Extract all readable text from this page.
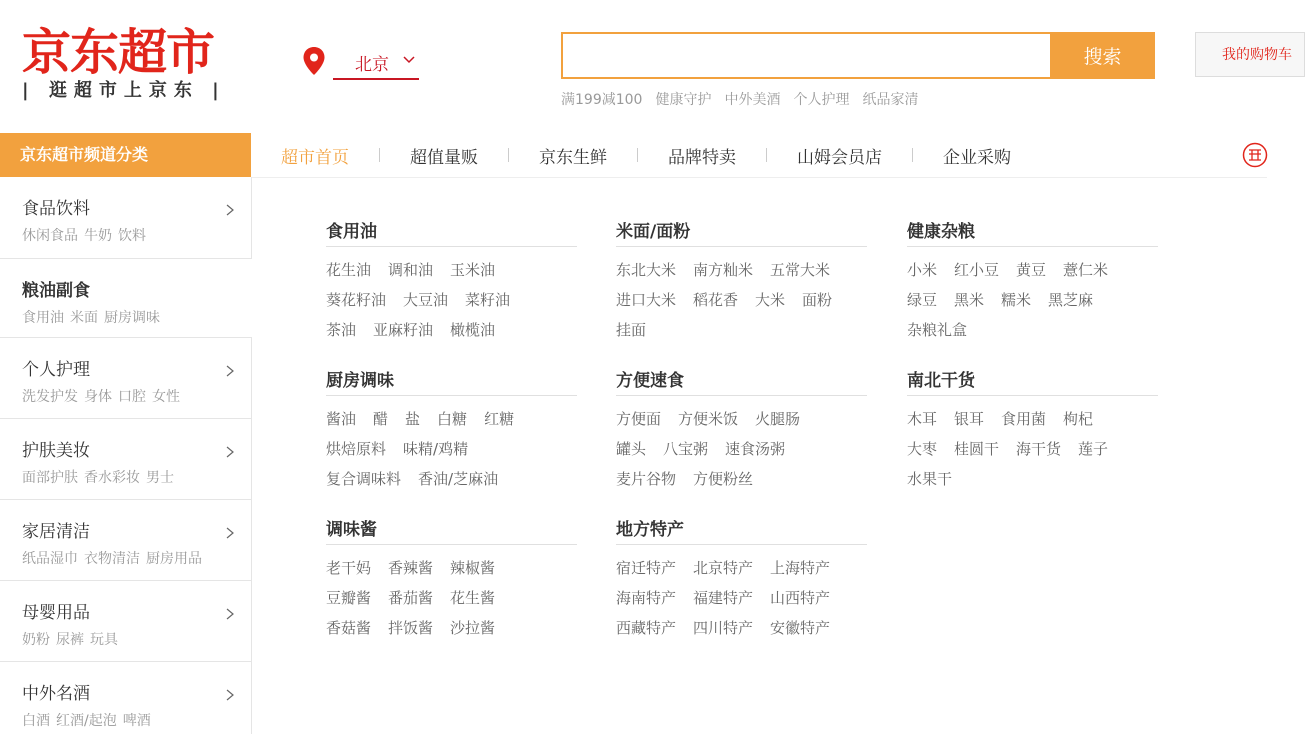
京东超市
| 逛超市上京东 |
北京	搜索
满199减100 健康守护 中外美酒 个人护理 纸品家清
我的购物车
京东超市频道分类	超市首页	超值量贩	京东生鲜	品牌特卖	山姆会员店	企业采购
食品饮料
休闲食品 牛奶 饮料
粮油副食
食用油 米面 厨房调味
个人护理
洗发护发 身体 口腔 女性
护肤美妆
面部护肤 香水彩妆 男士
家居清洁
纸品湿巾 衣物清洁 厨房用品
母婴用品
奶粉 尿裤 玩具
中外名酒
白酒 红酒/起泡 啤酒
食用油
花生油 调和油 玉米油
葵花籽油 大豆油 菜籽油
茶油 亚麻籽油 橄榄油
厨房调味
酱油 醋 盐 白糖 红糖
烘焙原料 味精/鸡精
复合调味料 香油/芝麻油
调味酱
老干妈 香辣酱 辣椒酱
豆瓣酱 番茄酱 花生酱
香菇酱 拌饭酱 沙拉酱
米面/面粉
东北大米 南方籼米 五常大米
进口大米 稻花香 大米 面粉
挂面
方便速食
方便面 方便米饭 火腿肠
罐头 八宝粥 速食汤粥
麦片谷物 方便粉丝
地方特产
宿迁特产 北京特产 上海特产
海南特产 福建特产 山西特产
西藏特产 四川特产 安徽特产
健康杂粮
小米 红小豆 黄豆 薏仁米
绿豆 黑米 糯米 黑芝麻
杂粮礼盒
南北干货
木耳 银耳 食用菌 枸杞
大枣 桂圆干 海干货 莲子
水果干
